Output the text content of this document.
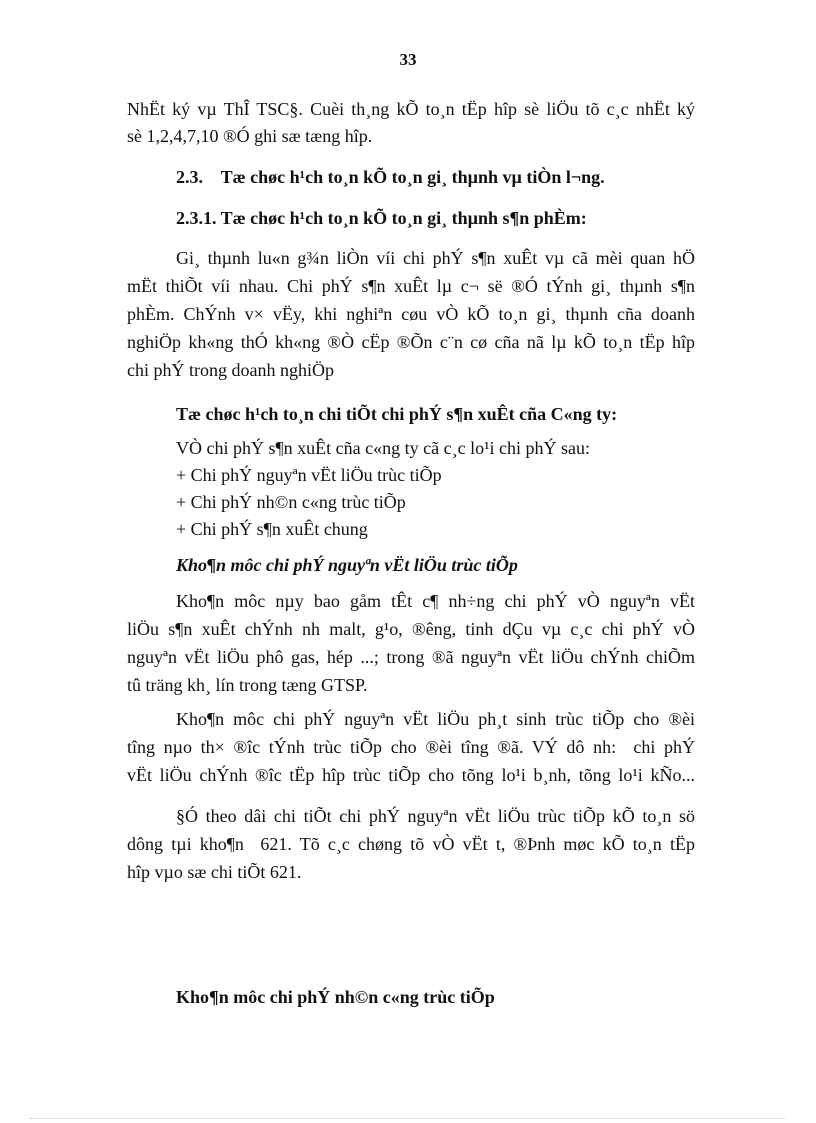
33
NhËt ký vµ ThÎ TSC§. Cuèi th¸ng kÕ to¸n tËp hîp sè liÖu tõ c¸c nhËt ký
sè 1,2,4,7,10 ®Ó ghi sæ tæng hîp.
2.3.    Tæ chøc h¹ch to¸n kÕ to¸n gi¸ thµnh vµ tiÒn l¬ng.
2.3.1. Tæ chøc h¹ch to¸n kÕ to¸n gi¸ thµnh s¶n phÈm:
Gi¸ thµnh lu«n g¾n liÒn víi chi phÝ s¶n xuÊt vµ cã mèi quan hÖ
mËt thiÕt víi nhau. Chi phÝ s¶n xuÊt lµ c¬ së ®Ó tÝnh gi¸ thµnh s¶n
phÈm. ChÝnh v× vËy, khi nghiªn cøu vÒ kÕ to¸n gi¸ thµnh cña doanh
nghiÖp kh«ng thÓ kh«ng ®Ò cËp ®Õn c¨n cø cña nã lµ kÕ to¸n tËp hîp
chi phÝ trong doanh nghiÖp
Tæ chøc h¹ch to¸n chi tiÕt chi phÝ s¶n xuÊt cña C«ng ty:
VÒ chi phÝ s¶n xuÊt cña c«ng ty cã c¸c lo¹i chi phÝ sau:
+ Chi phÝ nguyªn vËt liÖu trùc tiÕp
+ Chi phÝ nh©n c«ng trùc tiÕp
+ Chi phÝ s¶n xuÊt chung
Kho¶n môc chi phÝ nguyªn vËt liÖu trùc tiÕp
Kho¶n môc nµy bao gåm tÊt c¶ nh÷ng chi phÝ vÒ nguyªn vËt
liÖu s¶n xuÊt chÝnh nh malt, g¹o, ®êng, tinh dÇu vµ c¸c chi phÝ vÒ
nguyªn vËt liÖu phô gas, hép ...; trong ®ã nguyªn vËt liÖu chÝnh chiÕm
tû träng kh¸ lín trong tæng GTSP.
Kho¶n môc chi phÝ nguyªn vËt liÖu ph¸t sinh trùc tiÕp cho ®èi
tîng nµo th× ®îc tÝnh trùc tiÕp cho ®èi tîng ®ã. VÝ dô nh:  chi phÝ
vËt liÖu chÝnh ®îc tËp hîp trùc tiÕp cho tõng lo¹i b¸nh, tõng lo¹i kÑo...
§Ó theo dâi chi tiÕt chi phÝ nguyªn vËt liÖu trùc tiÕp kÕ to¸n sö
dông tµi kho¶n  621. Tõ c¸c chøng tõ vÒ vËt t, ®Þnh møc kÕ to¸n tËp
hîp vµo sæ chi tiÕt 621.
Kho¶n môc chi phÝ nh©n c«ng trùc tiÕp
